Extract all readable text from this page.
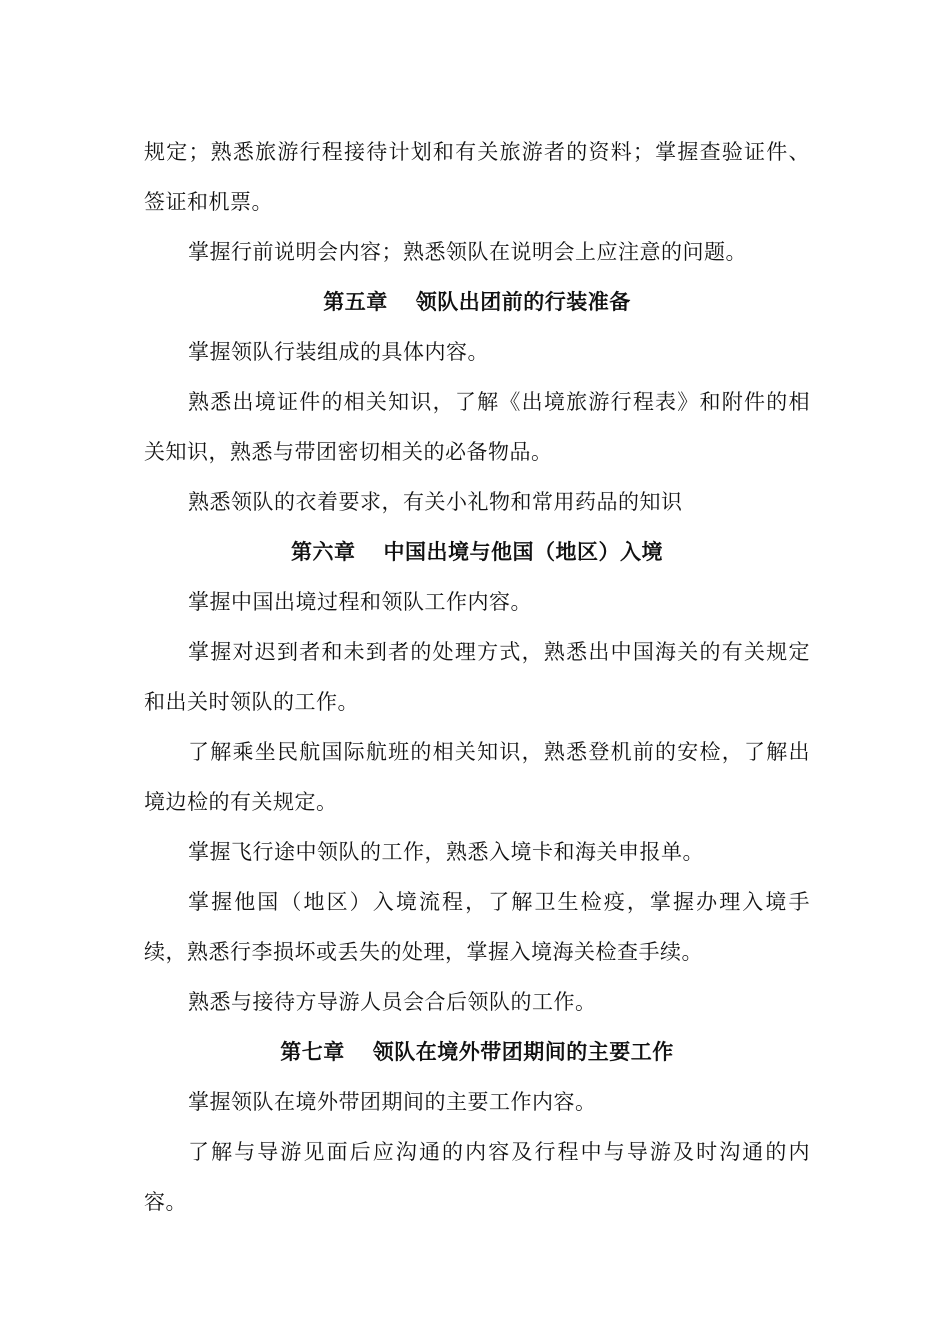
规定；熟悉旅游行程接待计划和有关旅游者的资料；掌握查验证件、签证和机票。

掌握行前说明会内容；熟悉领队在说明会上应注意的问题。

第五章 领队出团前的行装准备

掌握领队行装组成的具体内容。

熟悉出境证件的相关知识，了解《出境旅游行程表》和附件的相关知识，熟悉与带团密切相关的必备物品。

熟悉领队的衣着要求，有关小礼物和常用药品的知识

第六章 中国出境与他国（地区）入境

掌握中国出境过程和领队工作内容。

掌握对迟到者和未到者的处理方式，熟悉出中国海关的有关规定和出关时领队的工作。

了解乘坐民航国际航班的相关知识，熟悉登机前的安检，了解出境边检的有关规定。

掌握飞行途中领队的工作，熟悉入境卡和海关申报单。

掌握他国（地区）入境流程，了解卫生检疫，掌握办理入境手续，熟悉行李损坏或丢失的处理，掌握入境海关检查手续。

熟悉与接待方导游人员会合后领队的工作。

第七章 领队在境外带团期间的主要工作

掌握领队在境外带团期间的主要工作内容。

了解与导游见面后应沟通的内容及行程中与导游及时沟通的内容。
